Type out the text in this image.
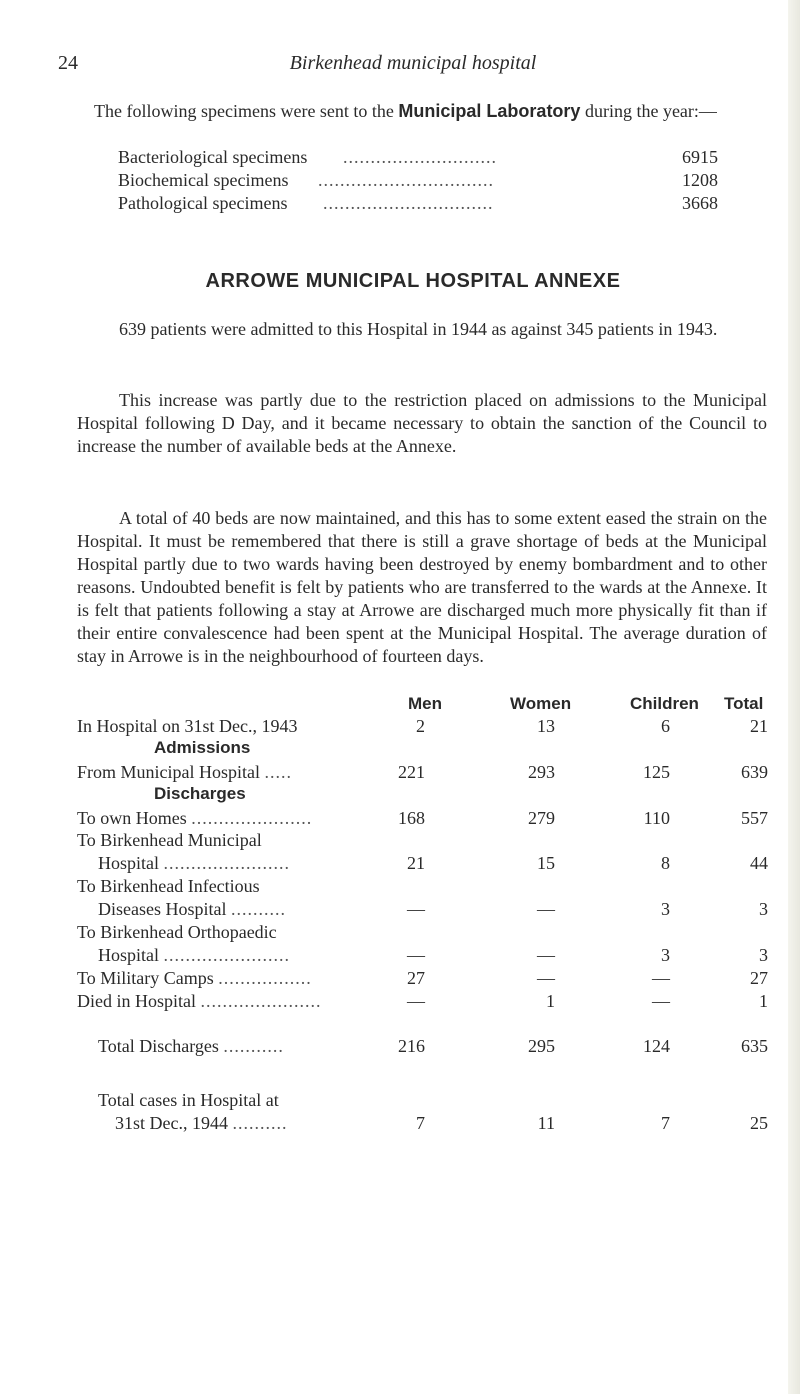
24	Birkenhead municipal hospital
The following specimens were sent to the Municipal Laboratory during the year:—
Bacteriological specimens ............................	6915
Biochemical specimens ................................	1208
Pathological specimens ...............................	3668
ARROWE MUNICIPAL HOSPITAL ANNEXE
639 patients were admitted to this Hospital in 1944 as against 345 patients in 1943.
This increase was partly due to the restriction placed on admissions to the Municipal Hospital following D Day, and it became necessary to obtain the sanction of the Council to increase the number of available beds at the Annexe.
A total of 40 beds are now maintained, and this has to some extent eased the strain on the Hospital. It must be remembered that there is still a grave shortage of beds at the Municipal Hospital partly due to two wards having been destroyed by enemy bombardment and to other reasons. Undoubted benefit is felt by patients who are transferred to the wards at the Annexe. It is felt that patients following a stay at Arrowe are discharged much more physically fit than if their entire convalescence had been spent at the Municipal Hospital. The average duration of stay in Arrowe is in the neighbourhood of fourteen days.
Men	Women	Children Total
In Hospital on 31st Dec., 1943	2	13	6	21
Admissions
From Municipal Hospital .....	221	293	125	639
Discharges
To own Homes ......................	168	279	110	557
To Birkenhead Municipal
Hospital .......................	21	15	8	44
To Birkenhead Infectious
Diseases Hospital ..........	—	—	3	3
To Birkenhead Orthopaedic
Hospital .......................	—	—	3	3
To Military Camps .................	27	—	—	27
Died in Hospital ......................	—	1	—	1
Total Discharges ...........	216	295	124	635
Total cases in Hospital at
31st Dec., 1944 ..........	7	11	7	25
